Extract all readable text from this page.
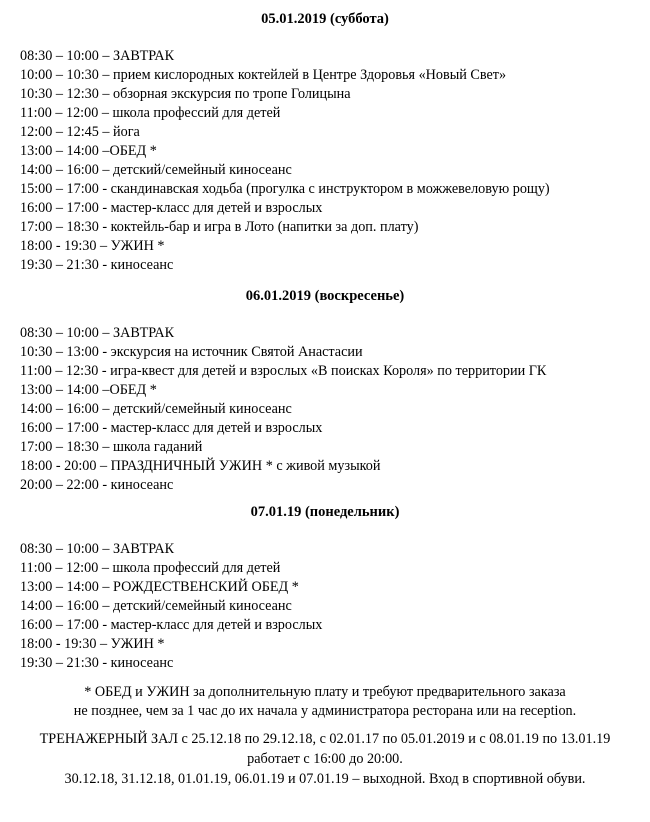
05.01.2019 (суббота)
08:30 – 10:00 – ЗАВТРАК
10:00 – 10:30 – прием кислородных коктейлей в Центре Здоровья «Новый Свет»
10:30 – 12:30 – обзорная экскурсия по тропе Голицына
11:00 – 12:00 – школа профессий для детей
12:00 – 12:45 – йога
13:00 – 14:00 –ОБЕД *
14:00 – 16:00 – детский/семейный киносеанс
15:00 – 17:00 - скандинавская ходьба (прогулка с инструктором в можжевеловую рощу)
16:00 – 17:00 - мастер-класс для детей и взрослых
17:00 – 18:30 - коктейль-бар и игра в Лото (напитки за доп. плату)
18:00 - 19:30 – УЖИН *
19:30 – 21:30 - киносеанс
06.01.2019 (воскресенье)
08:30 – 10:00 – ЗАВТРАК
10:30 – 13:00 - экскурсия на источник Святой Анастасии
11:00 – 12:30 - игра-квест для детей и взрослых «В поисках Короля» по территории ГК
13:00 – 14:00 –ОБЕД *
14:00 – 16:00 – детский/семейный киносеанс
16:00 – 17:00 - мастер-класс для детей и взрослых
17:00 – 18:30 – школа гаданий
18:00 - 20:00 – ПРАЗДНИЧНЫЙ УЖИН * с живой музыкой
20:00 – 22:00 - киносеанс
07.01.19 (понедельник)
08:30 – 10:00 – ЗАВТРАК
11:00 – 12:00 – школа профессий для детей
13:00 – 14:00 – РОЖДЕСТВЕНСКИЙ ОБЕД *
14:00 – 16:00 – детский/семейный киносеанс
16:00 – 17:00 - мастер-класс для детей и взрослых
18:00 - 19:30 – УЖИН *
19:30 – 21:30 - киносеанс
* ОБЕД и УЖИН за дополнительную плату и требуют предварительного заказа
не позднее, чем за 1 час до их начала у администратора ресторана или на reception.
ТРЕНАЖЕРНЫЙ ЗАЛ с 25.12.18 по 29.12.18, с 02.01.17 по 05.01.2019 и с 08.01.19 по 13.01.19
работает с 16:00 до 20:00.
30.12.18, 31.12.18, 01.01.19, 06.01.19 и 07.01.19 – выходной. Вход в спортивной обуви.
